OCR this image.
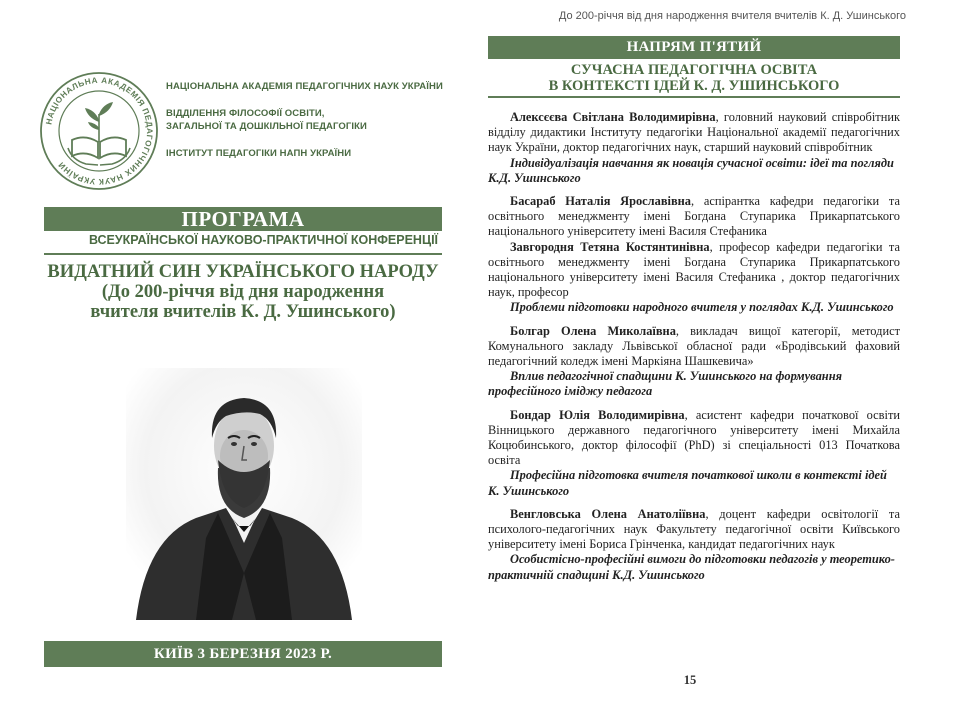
НАЦІОНАЛЬНА АКАДЕМІЯ ПЕДАГОГІЧНИХ НАУК УКРАЇНИ
НАЦІОНАЛЬНА АКАДЕМІЯ ПЕДАГОГІЧНИХ НАУК УКРАЇНИ
ВІДДІЛЕННЯ ФІЛОСОФІЇ ОСВІТИ,
ЗАГАЛЬНОЇ ТА ДОШКІЛЬНОЇ ПЕДАГОГІКИ
ІНСТИТУТ ПЕДАГОГІКИ НАПН УКРАЇНИ
ПРОГРАМА
ВСЕУКРАЇНСЬКОЇ НАУКОВО-ПРАКТИЧНОЇ КОНФЕРЕНЦІЇ
ВИДАТНИЙ СИН УКРАЇНСЬКОГО НАРОДУ
(До 200-річчя від дня народження
вчителя вчителів К. Д. Ушинського)
КИЇВ 3 БЕРЕЗНЯ 2023 Р.
До 200-річчя від дня народження вчителя вчителів К. Д. Ушинського
НАПРЯМ П'ЯТИЙ
СУЧАСНА ПЕДАГОГІЧНА ОСВІТА
В КОНТЕКСТІ ІДЕЙ К. Д. УШИНСЬКОГО

Алексєєва Світлана Володимирівна, головний науковий співробітник відділу дидактики Інституту педагогіки Національної академії педагогічних наук України, доктор педагогічних наук, старший науковий співробітник

Індивідуалізація навчання як новація сучасної освіти: ідеї та погляди К.Д. Ушинського

Басараб Наталія Ярославівна, аспірантка кафедри педагогіки та освітнього менеджменту імені Богдана Ступарика Прикарпатського національного університету імені Василя Стефаника

Завгородня Тетяна Костянтинівна, професор кафедри педагогіки та освітнього менеджменту імені Богдана Ступарика Прикарпатського національного університету імені Василя Стефаника , доктор педагогічних наук, професор

Проблеми підготовки народного вчителя у поглядах К.Д. Ушинського

Болгар Олена Миколаївна, викладач вищої категорії, методист Комунального закладу Львівської обласної ради «Бродівський фаховий педагогічний коледж імені Маркіяна Шашкевича»

Вплив педагогічної спадщини К. Ушинського на формування професійного іміджу педагога

Бондар Юлія Володимирівна, асистент кафедри початкової освіти Вінницького державного педагогічного університету імені Михайла Коцюбинського, доктор філософії (PhD) зі спеціальності 013 Початкова освіта

Професійна підготовка вчителя початкової школи в контексті ідей К. Ушинського

Венгловська Олена Анатоліївна, доцент кафедри освітології та психолого-педагогічних наук Факультету педагогічної освіти Київського університету імені Бориса Грінченка, кандидат педагогічних наук

Особистісно-професійні вимоги до підготовки педагогів у теоретико-практичній спадщині К.Д. Ушинського

15
